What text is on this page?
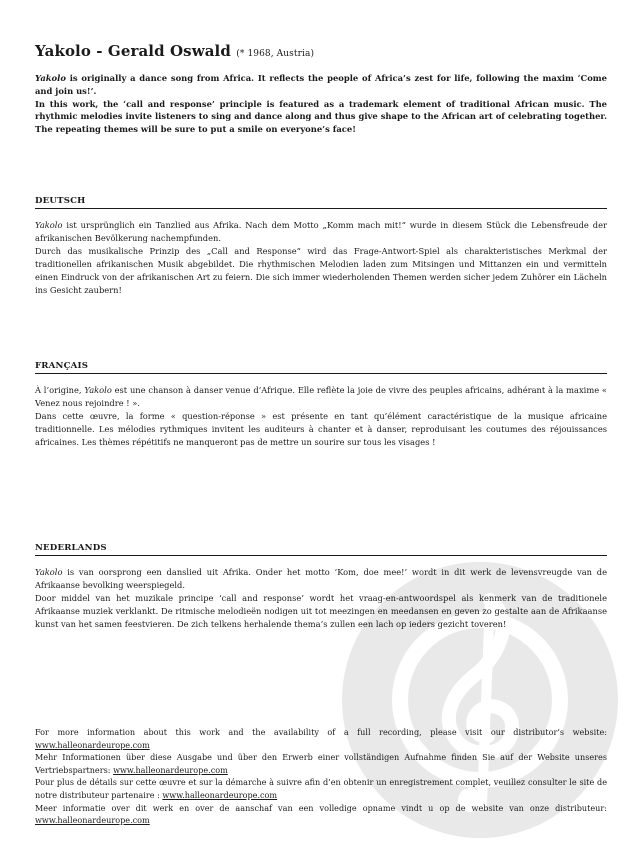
Yakolo - Gerald Oswald (* 1968, Austria)
Yakolo is originally a dance song from Africa. It reflects the people of Africa’s zest for life, following the maxim ‘Come and join us!’.
In this work, the ‘call and response’ principle is featured as a trademark element of traditional African music. The rhythmic melodies invite listeners to sing and dance along and thus give shape to the African art of celebrating together. The repeating themes will be sure to put a smile on everyone’s face!
DEUTSCH

Yakolo ist ursprünglich ein Tanzlied aus Afrika. Nach dem Motto „Komm mach mit!“ wurde in diesem Stück die Lebensfreude der afrikanischen Bevölkerung nachempfunden.

Durch das musikalische Prinzip des „Call and Response“ wird das Frage-Antwort-Spiel als charakteristisches Merkmal der traditionellen afrikanischen Musik abgebildet. Die rhythmischen Melodien laden zum Mitsingen und Mittanzen ein und vermitteln einen Eindruck von der afrikanischen Art zu feiern. Die sich immer wiederholenden Themen werden sicher jedem Zuhörer ein Lächeln ins Gesicht zaubern!

FRANÇAIS

À l’origine, Yakolo est une chanson à danser venue d’Afrique. Elle reflète la joie de vivre des peuples africains, adhérant à la maxime « Venez nous rejoindre ! ».

Dans cette œuvre, la forme « question-réponse » est présente en tant qu’élément caractéristique de la musique africaine traditionnelle. Les mélodies rythmiques invitent les auditeurs à chanter et à danser, reproduisant les coutumes des réjouissances africaines. Les thèmes répétitifs ne manqueront pas de mettre un sourire sur tous les visages !

NEDERLANDS

Yakolo is van oorsprong een danslied uit Afrika. Onder het motto ‘Kom, doe mee!’ wordt in dit werk de levensvreugde van de Afrikaanse bevolking weerspiegeld.

Door middel van het muzikale principe ‘call and response’ wordt het vraag-en-antwoordspel als kenmerk van de traditionele Afrikaanse muziek verklankt. De ritmische melodieën nodigen uit tot meezingen en meedansen en geven zo gestalte aan de Afrikaanse kunst van het samen feestvieren. De zich telkens herhalende thema’s zullen een lach op ieders gezicht toveren!

For more information about this work and the availability of a full recording, please visit our distributor’s website: www.halleonardeurope.com

Mehr Informationen über diese Ausgabe und über den Erwerb einer vollständigen Aufnahme finden Sie auf der Website unseres Vertriebspartners: www.halleonardeurope.com

Pour plus de détails sur cette œuvre et sur la démarche à suivre afin d’en obtenir un enregistrement complet, veuillez consulter le site de notre distributeur partenaire : www.halleonardeurope.com

Meer informatie over dit werk en over de aanschaf van een volledige opname vindt u op de website van onze distributeur: www.halleonardeurope.com
